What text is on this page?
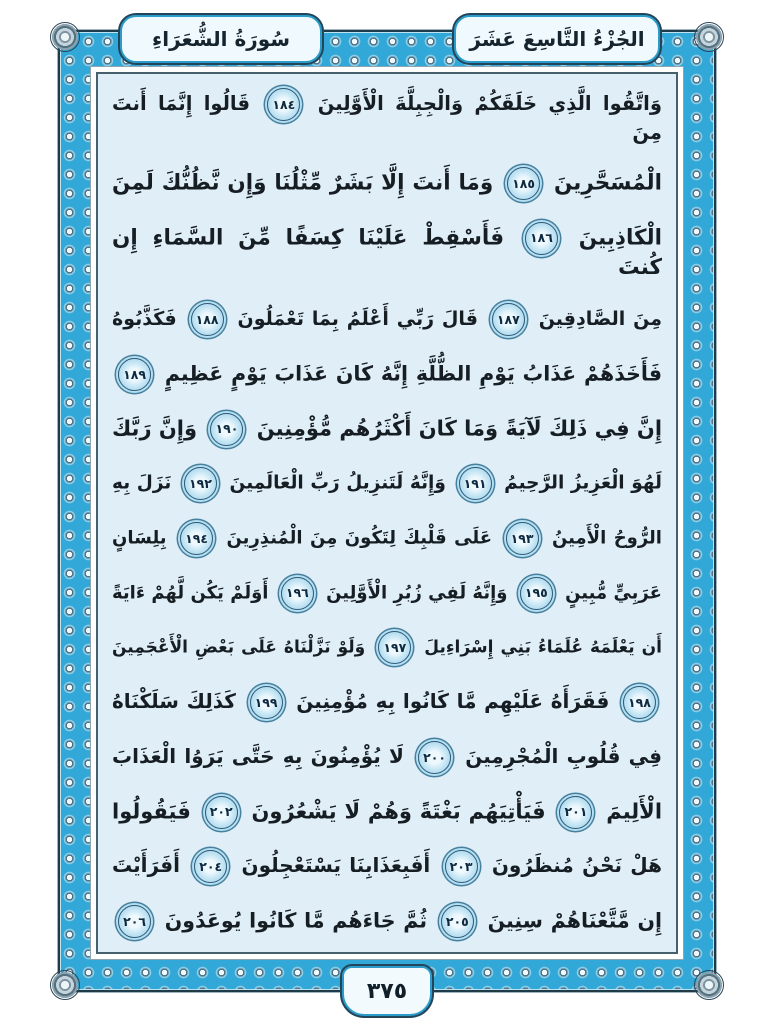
سُورَةُ الشُّعَرَاءِ	الجُزْءُ التَّاسِعَ عَشَرَ
وَاتَّقُوا الَّذِي خَلَقَكُمْ وَالْجِبِلَّةَ الْأَوَّلِينَ ١٨٤ قَالُوا إِنَّمَا أَنتَ مِنَ
الْمُسَحَّرِينَ ١٨٥ وَمَا أَنتَ إِلَّا بَشَرٌ مِّثْلُنَا وَإِن نَّظُنُّكَ لَمِنَ
الْكَاذِبِينَ ١٨٦ فَأَسْقِطْ عَلَيْنَا كِسَفًا مِّنَ السَّمَاءِ إِن كُنتَ
مِنَ الصَّادِقِينَ ١٨٧ قَالَ رَبِّي أَعْلَمُ بِمَا تَعْمَلُونَ ١٨٨ فَكَذَّبُوهُ
فَأَخَذَهُمْ عَذَابُ يَوْمِ الظُّلَّةِ إِنَّهُ كَانَ عَذَابَ يَوْمٍ عَظِيمٍ ١٨٩
إِنَّ فِي ذَلِكَ لَآيَةً وَمَا كَانَ أَكْثَرُهُم مُّؤْمِنِينَ ١٩٠ وَإِنَّ رَبَّكَ
لَهُوَ الْعَزِيزُ الرَّحِيمُ ١٩١ وَإِنَّهُ لَتَنزِيلُ رَبِّ الْعَالَمِينَ ١٩٢ نَزَلَ بِهِ
الرُّوحُ الْأَمِينُ ١٩٣ عَلَى قَلْبِكَ لِتَكُونَ مِنَ الْمُنذِرِينَ ١٩٤ بِلِسَانٍ
عَرَبِيٍّ مُّبِينٍ ١٩٥ وَإِنَّهُ لَفِي زُبُرِ الْأَوَّلِينَ ١٩٦ أَوَلَمْ يَكُن لَّهُمْ ءَايَةً
أَن يَعْلَمَهُ عُلَمَاءُ بَنِي إِسْرَاءِيلَ ١٩٧ وَلَوْ نَزَّلْنَاهُ عَلَى بَعْضِ الْأَعْجَمِينَ
١٩٨ فَقَرَأَهُ عَلَيْهِم مَّا كَانُوا بِهِ مُؤْمِنِينَ ١٩٩ كَذَلِكَ سَلَكْنَاهُ
فِي قُلُوبِ الْمُجْرِمِينَ ٢٠٠ لَا يُؤْمِنُونَ بِهِ حَتَّى يَرَوُا الْعَذَابَ
الْأَلِيمَ ٢٠١ فَيَأْتِيَهُم بَغْتَةً وَهُمْ لَا يَشْعُرُونَ ٢٠٢ فَيَقُولُوا
هَلْ نَحْنُ مُنظَرُونَ ٢٠٣ أَفَبِعَذَابِنَا يَسْتَعْجِلُونَ ٢٠٤ أَفَرَأَيْتَ
إِن مَّتَّعْنَاهُمْ سِنِينَ ٢٠٥ ثُمَّ جَاءَهُم مَّا كَانُوا يُوعَدُونَ ٢٠٦
٣٧٥
